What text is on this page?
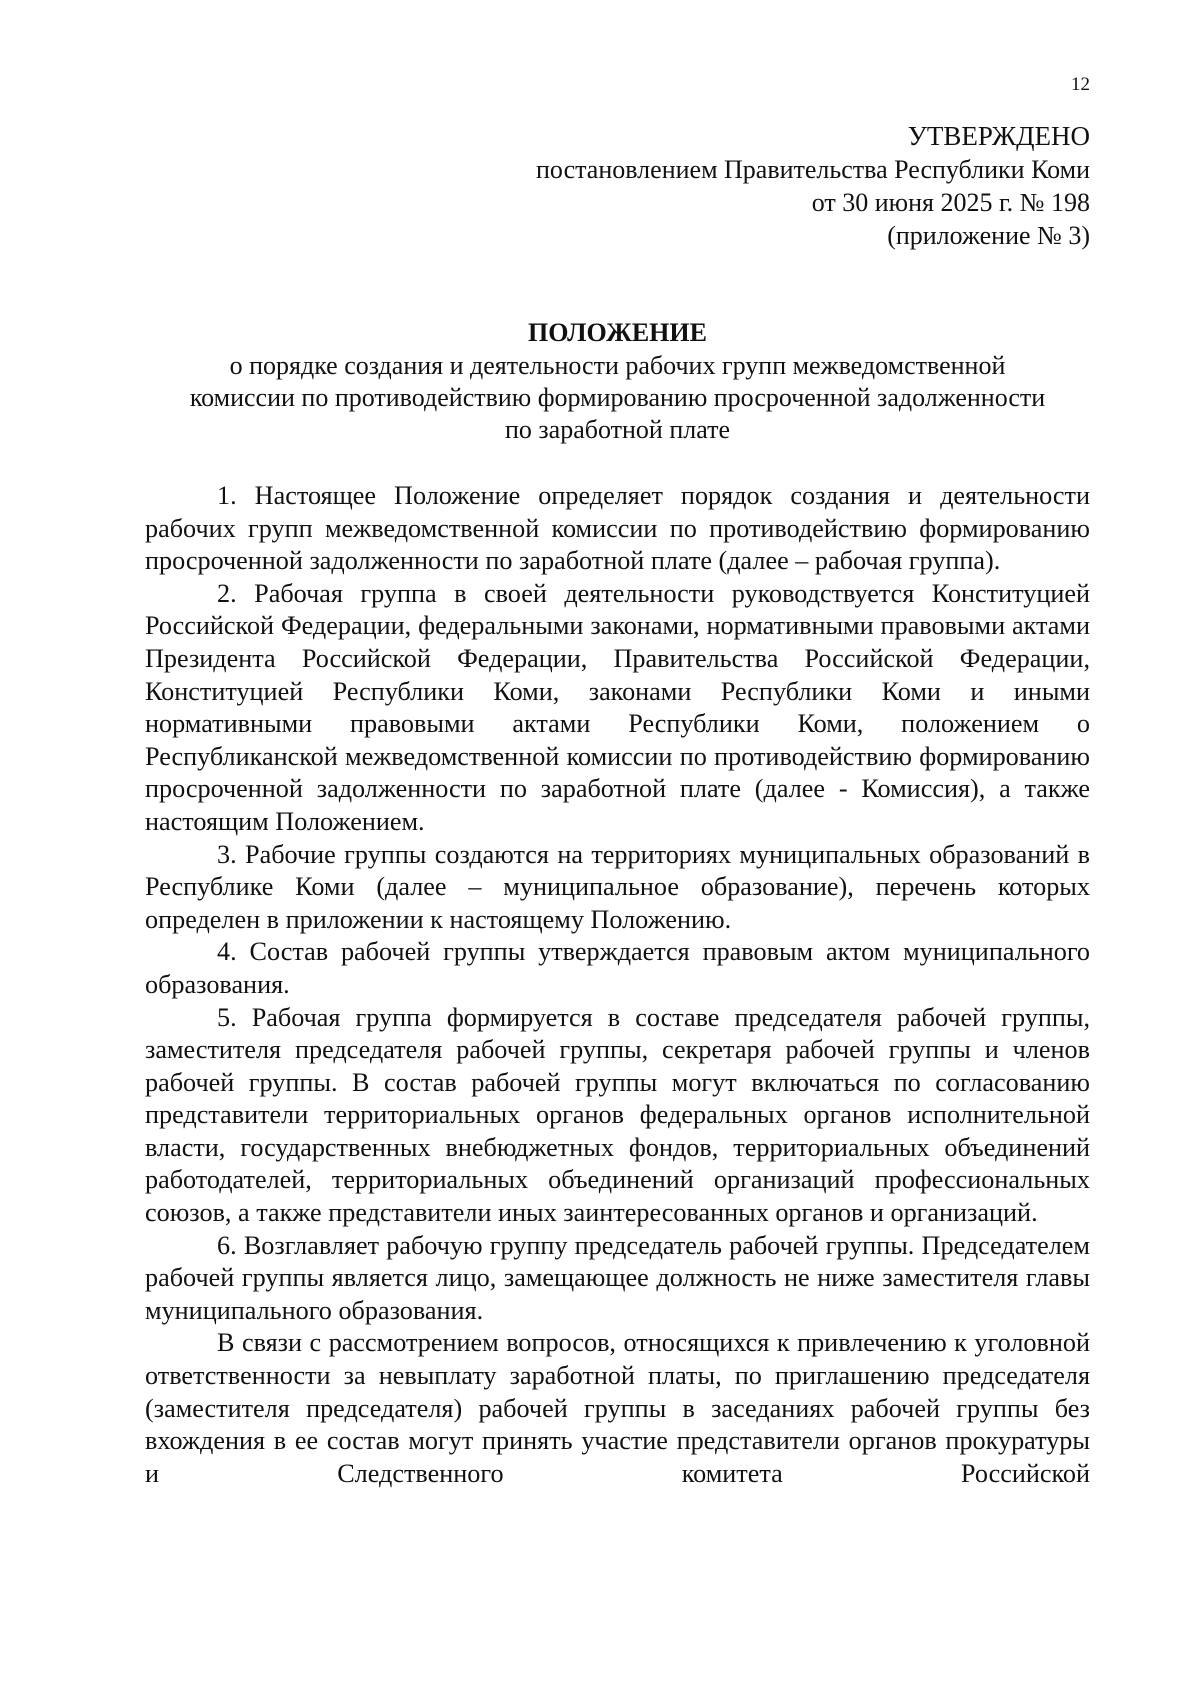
12
УТВЕРЖДЕНО
постановлением Правительства Республики Коми
от 30 июня 2025 г. № 198
(приложение № 3)
ПОЛОЖЕНИЕ
о порядке создания и деятельности рабочих групп межведомственной
комиссии по противодействию формированию просроченной задолженности
по заработной плате

1. Настоящее Положение определяет порядок создания и деятельности рабочих групп межведомственной комиссии по противодействию формированию просроченной задолженности по заработной плате (далее – рабочая группа).

2. Рабочая группа в своей деятельности руководствуется Конституцией Российской Федерации, федеральными законами, нормативными правовыми актами Президента Российской Федерации, Правительства Российской Федерации, Конституцией Республики Коми, законами Республики Коми и иными нормативными правовыми актами Республики Коми, положением о Республиканской межведомственной комиссии по противодействию формированию просроченной задолженности по заработной плате (далее - Комиссия), а также настоящим Положением.

3. Рабочие группы создаются на территориях муниципальных образований в Республике Коми (далее – муниципальное образование), перечень которых определен в приложении к настоящему Положению.

4. Состав рабочей группы утверждается правовым актом муниципального образования.

5. Рабочая группа формируется в составе председателя рабочей группы, заместителя председателя рабочей группы, секретаря рабочей группы и членов рабочей группы. В состав рабочей группы могут включаться по согласованию представители территориальных органов федеральных органов исполнительной власти, государственных внебюджетных фондов, территориальных объединений работодателей, территориальных объединений организаций профессиональных союзов, а также представители иных заинтересованных органов и организаций.

6. Возглавляет рабочую группу председатель рабочей группы. Председателем рабочей группы является лицо, замещающее должность не ниже заместителя главы муниципального образования.

В связи с рассмотрением вопросов, относящихся к привлечению к уголовной ответственности за невыплату заработной платы, по приглашению председателя (заместителя председателя) рабочей группы в заседаниях рабочей группы без вхождения в ее состав могут принять участие представители органов прокуратуры и Следственного комитета Российской
